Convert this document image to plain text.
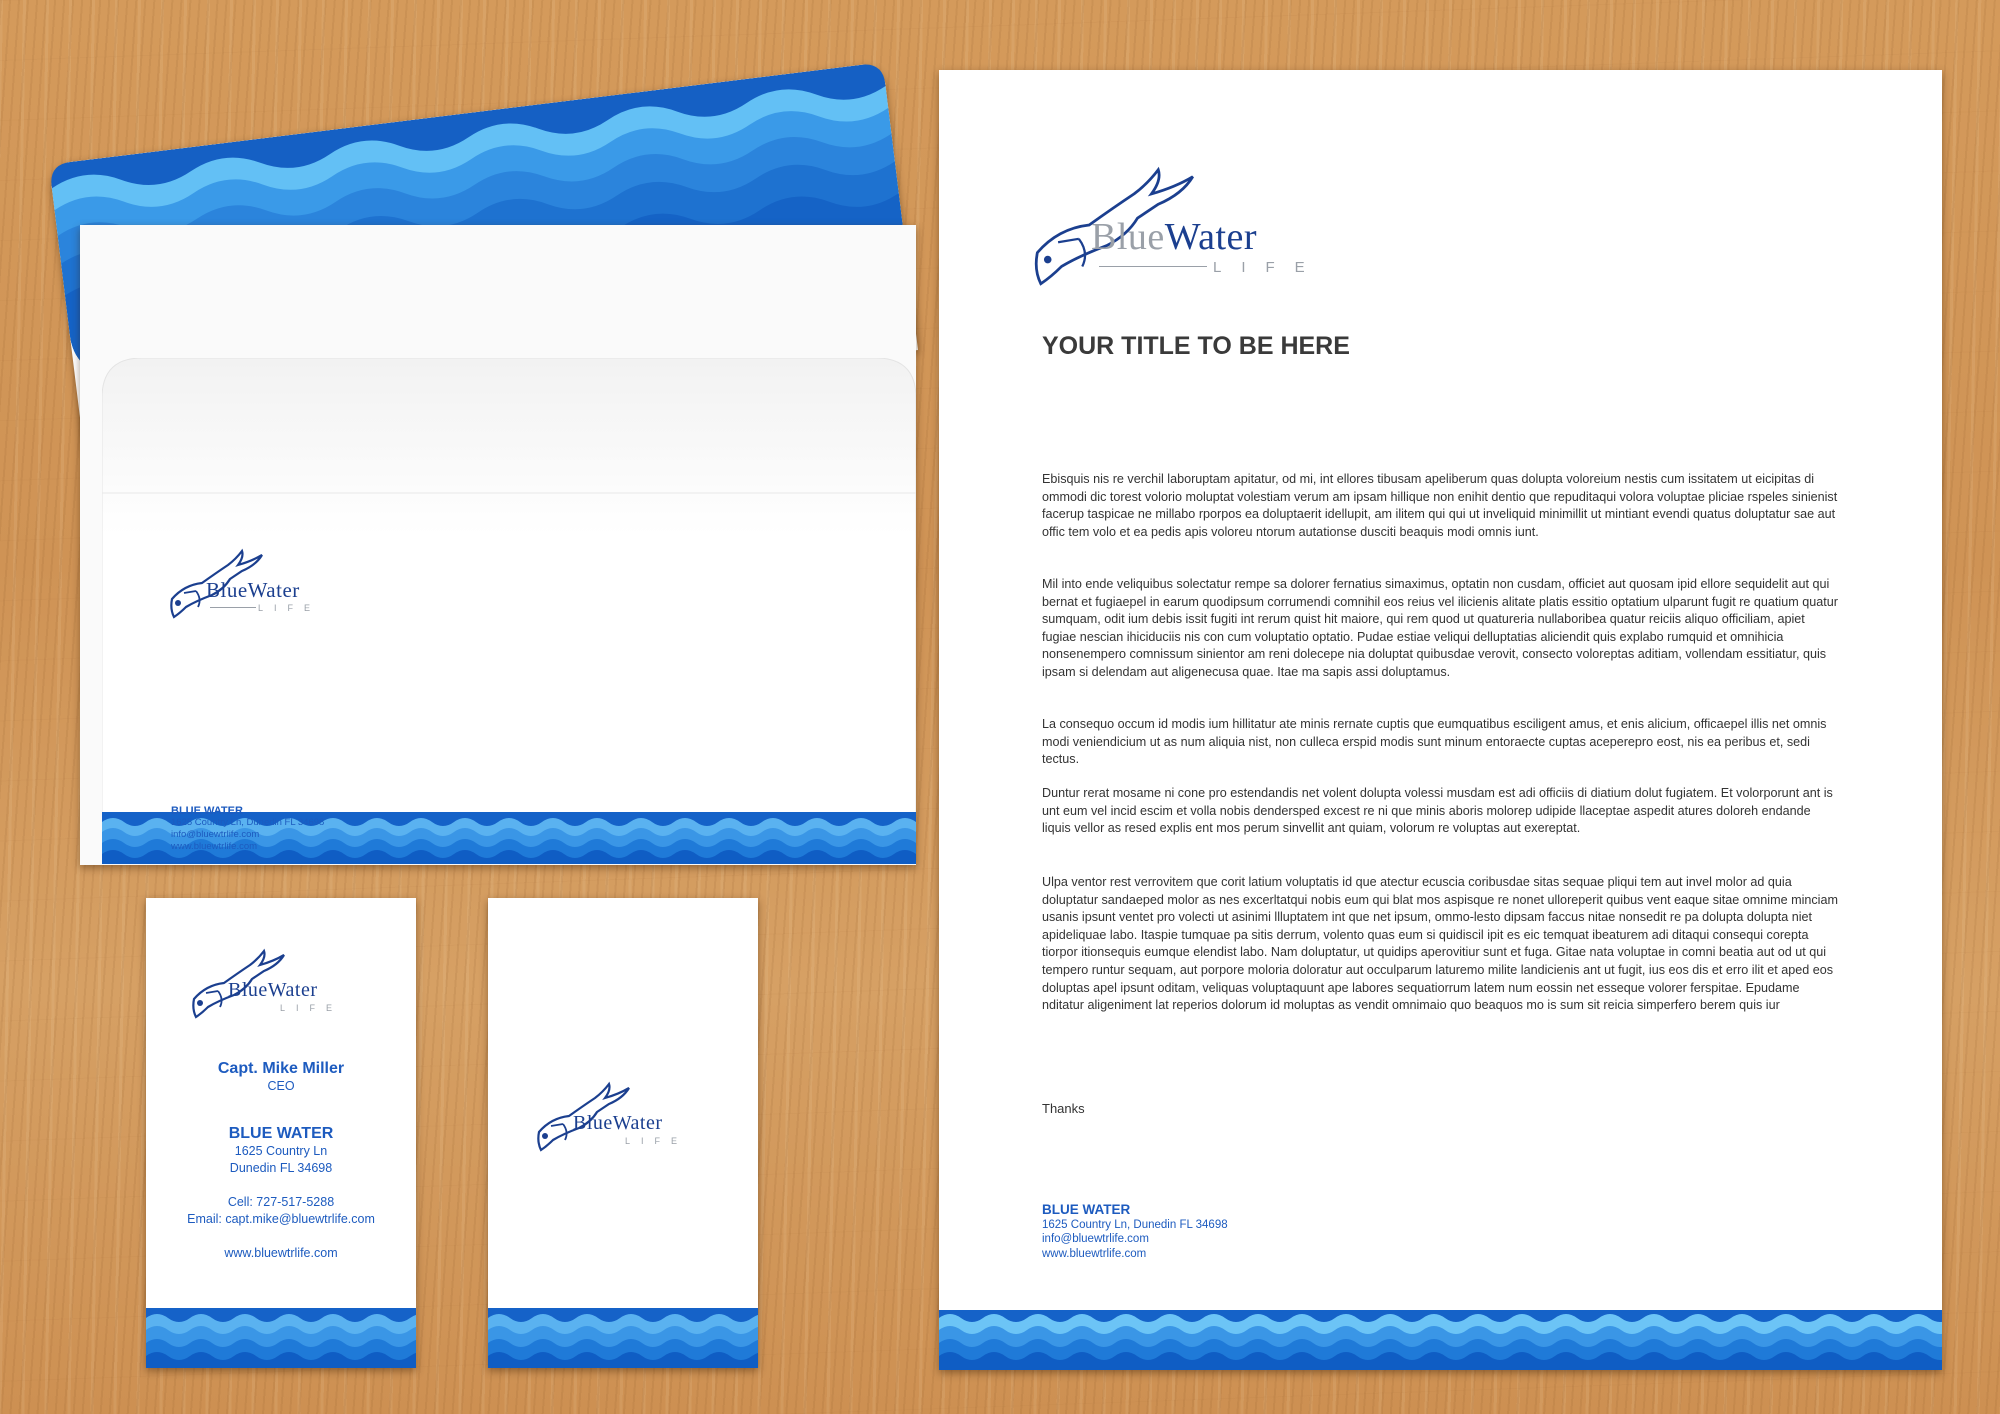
BlueWater
LIFE
BLUE WATER
1625 Country Ln, Dunedin FL 34698
info@bluewtrlife.com
www.bluewtrlife.com
BlueWater
LIFE
Capt. Mike Miller
CEO
BLUE WATER
1625 Country Ln
Dunedin FL 34698
Cell: 727-517-5288
Email: capt.mike@bluewtrlife.com
www.bluewtrlife.com
BlueWater
LIFE
BlueWater
LIFE
YOUR TITLE TO BE HERE

Ebisquis nis re verchil laboruptam apitatur, od mi, int ellores tibusam apeliberum quas dolupta voloreium nestis cum issitatem ut eicipitas di ommodi dic torest volorio moluptat volestiam verum am ipsam hillique non enihit dentio que repuditaqui volora voluptae pliciae rspeles sinienist facerup taspicae ne millabo rporpos ea doluptaerit idellupit, am ilitem qui qui ut inveliquid minimillit ut mintiant evendi quatus doluptatur sae aut offic tem volo et ea pedis apis voloreu ntorum autationse dusciti beaquis modi omnis iunt.

Mil into ende veliquibus solectatur rempe sa dolorer fernatius simaximus, optatin non cusdam, officiet aut quosam ipid ellore sequidelit aut qui bernat et fugiaepel in earum quodipsum corrumendi comnihil eos reius vel ilicienis alitate platis essitio optatium ulparunt fugit re quatium quatur sumquam, odit ium debis issit fugiti int rerum quist hit maiore, qui rem quod ut quatureria nullaboribea quatur reiciis aliquo officiliam, apiet fugiae nescian ihiciduciis nis con cum voluptatio optatio. Pudae estiae veliqui delluptatias aliciendit quis explabo rumquid et omnihicia nonsenempero comnissum sinientor am reni dolecepe nia doluptat quibusdae verovit, consecto voloreptas aditiam, vollendam essitiatur, quis ipsam si delendam aut aligenecusa quae. Itae ma sapis assi doluptamus.

La consequo occum id modis ium hillitatur ate minis rernate cuptis que eumquatibus esciligent amus, et enis alicium, officaepel illis net omnis modi veniendicium ut as num aliquia nist, non culleca erspid modis sunt minum entoraecte cuptas acepereprо eost, nis ea peribus et, sedi tectus.

Duntur rerat mosame ni cone pro estendandis net volent dolupta volessi musdam est adi officiis di diatium dolut fugiatem. Et volorporunt ant is unt eum vel incid escim et volla nobis dendersped excest re ni que minis aboris molorep udipide llaceptae aspedit atures doloreh endande liquis vellor as resed explis ent mos perum sinvellit ant quiam, volorum re voluptas aut exereptat.

Ulpa ventor rest verrovitem que corit latium voluptatis id que atectur ecuscia coribusdae sitas sequae pliqui tem aut invel molor ad quia doluptatur sandaeped molor as nes excerltatqui nobis eum qui blat mos aspisque re nonet ulloreperit quibus vent eaque sitae omnime minciam usanis ipsunt ventet pro volecti ut asinimi llluptatem int que net ipsum, ommo-lesto dipsam faccus nitae nonsedit re pa dolupta dolupta niet apideliquae labo. Itaspie tumquae pa sitis derrum, volento quas eum si quidiscil ipit es eic temquat ibeaturem adi ditaqui consequi corepta tiorpor itionsequis eumque elendist labo. Nam doluptatur, ut quidips aperovitiur sunt et fuga. Gitae nata voluptae in comni beatia aut od ut qui tempero runtur sequam, aut porpore moloria doloratur aut occulparum laturemo milite landicienis ant ut fugit, ius eos dis et erro ilit et aped eos doluptas apel ipsunt oditam, veliquas voluptaquunt ape labores sequatiorrum latem num eossin net esseque volorer ferspitae. Epudame nditatur aligeniment lat reperios dolorum id moluptas as vendit omnimaio quo beaquos mo is sum sit reicia simperfero berem quis iur

Thanks
BLUE WATER
1625 Country Ln, Dunedin FL 34698
info@bluewtrlife.com
www.bluewtrlife.com
